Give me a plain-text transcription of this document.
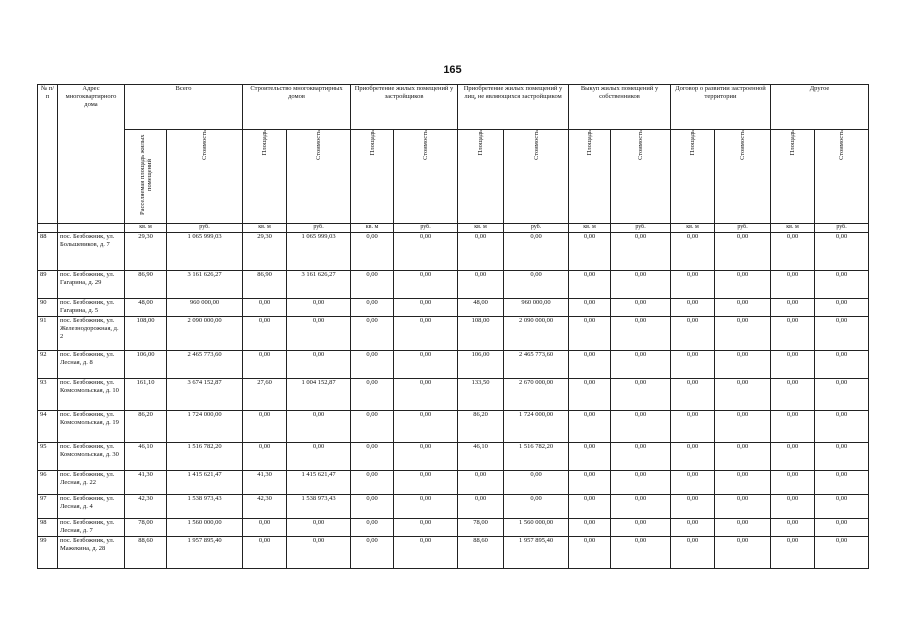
165
№ п/п	Адрес многоквартирного дома	Всего		Строительство многоквартирных домов		Приобретение жилых помещений у застройщиков		Приобретение жилых помещений у лиц, не являющихся застройщиком		Выкуп жилых помещений у собственников		Договор о развитии застроенной территории		Другое	
		Расселяемая площадь жилых помещений	Стоимость	Площадь	Стоимость	Площадь	Стоимость	Площадь	Стоимость	Площадь	Стоимость	Площадь	Стоимость	Площадь	Стоимость
		кв. м	руб.	кв. м	руб.	кв. м	руб.	кв. м	руб.	кв. м	руб.	кв. м	руб.	кв. м	руб.
88	пос. Безбожник, ул. Большевиков, д. 7	29,30	1 065 999,03	29,30	1 065 999,03	0,00	0,00	0,00	0,00	0,00	0,00	0,00	0,00	0,00	0,00
89	пос. Безбожник, ул. Гагарина, д. 29	86,90	3 161 626,27	86,90	3 161 626,27	0,00	0,00	0,00	0,00	0,00	0,00	0,00	0,00	0,00	0,00
90	пос. Безбожник, ул. Гагарина, д. 5	48,00	960 000,00	0,00	0,00	0,00	0,00	48,00	960 000,00	0,00	0,00	0,00	0,00	0,00	0,00
91	пос. Безбожник, ул. Железнодорожная, д. 2	108,00	2 090 000,00	0,00	0,00	0,00	0,00	108,00	2 090 000,00	0,00	0,00	0,00	0,00	0,00	0,00
92	пос. Безбожник, ул. Лесная, д. 8	106,00	2 465 773,60	0,00	0,00	0,00	0,00	106,00	2 465 773,60	0,00	0,00	0,00	0,00	0,00	0,00
93	пос. Безбожник, ул. Комсомольская, д. 10	161,10	3 674 152,87	27,60	1 004 152,87	0,00	0,00	133,50	2 670 000,00	0,00	0,00	0,00	0,00	0,00	0,00
94	пос. Безбожник, ул. Комсомольская, д. 19	86,20	1 724 000,00	0,00	0,00	0,00	0,00	86,20	1 724 000,00	0,00	0,00	0,00	0,00	0,00	0,00
95	пос. Безбожник, ул. Комсомольская, д. 30	46,10	1 516 782,20	0,00	0,00	0,00	0,00	46,10	1 516 782,20	0,00	0,00	0,00	0,00	0,00	0,00
96	пос. Безбожник, ул. Лесная, д. 22	41,30	1 415 621,47	41,30	1 415 621,47	0,00	0,00	0,00	0,00	0,00	0,00	0,00	0,00	0,00	0,00
97	пос. Безбожник, ул. Лесная, д. 4	42,30	1 538 973,43	42,30	1 538 973,43	0,00	0,00	0,00	0,00	0,00	0,00	0,00	0,00	0,00	0,00
98	пос. Безбожник, ул. Лесная, д. 7	78,00	1 560 000,00	0,00	0,00	0,00	0,00	78,00	1 560 000,00	0,00	0,00	0,00	0,00	0,00	0,00
99	пос. Безбожник, ул. Мажекина, д. 28	88,60	1 957 895,40	0,00	0,00	0,00	0,00	88,60	1 957 895,40	0,00	0,00	0,00	0,00	0,00	0,00
